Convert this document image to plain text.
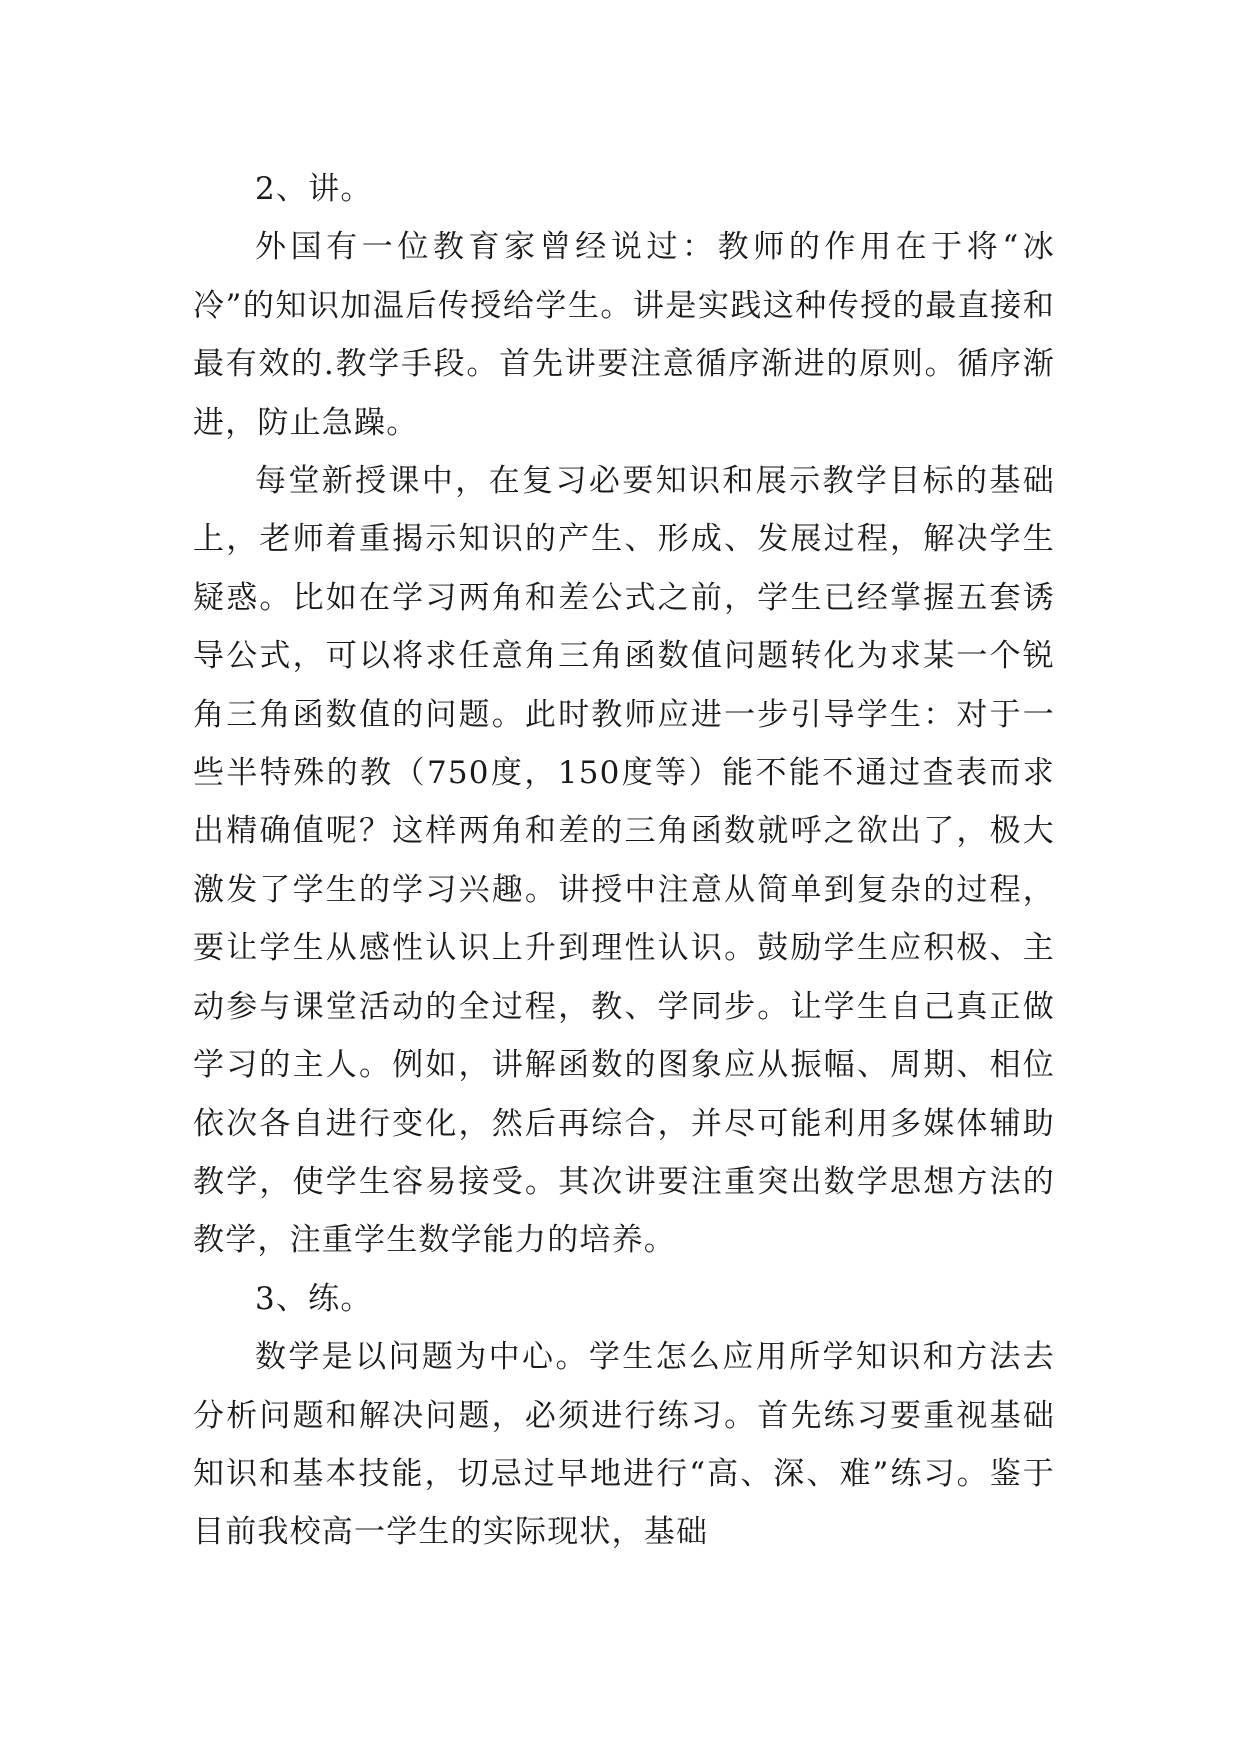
2、讲。

外国有一位教育家曾经说过：教师的作用在于将“冰冷”的知识加温后传授给学生。讲是实践这种传授的最直接和最有效的.教学手段。首先讲要注意循序渐进的原则。循序渐进，防止急躁。

每堂新授课中，在复习必要知识和展示教学目标的基础上，老师着重揭示知识的产生、形成、发展过程，解决学生疑惑。比如在学习两角和差公式之前，学生已经掌握五套诱导公式，可以将求任意角三角函数值问题转化为求某一个锐角三角函数值的问题。此时教师应进一步引导学生：对于一些半特殊的教（750度，150度等）能不能不通过查表而求出精确值呢？这样两角和差的三角函数就呼之欲出了，极大激发了学生的学习兴趣。讲授中注意从简单到复杂的过程，要让学生从感性认识上升到理性认识。鼓励学生应积极、主动参与课堂活动的全过程，教、学同步。让学生自己真正做学习的主人。例如，讲解函数的图象应从振幅、周期、相位依次各自进行变化，然后再综合，并尽可能利用多媒体辅助教学，使学生容易接受。其次讲要注重突出数学思想方法的教学，注重学生数学能力的培养。

3、练。

数学是以问题为中心。学生怎么应用所学知识和方法去分析问题和解决问题，必须进行练习。首先练习要重视基础知识和基本技能，切忌过早地进行“高、深、难”练习。鉴于目前我校高一学生的实际现状，基础
